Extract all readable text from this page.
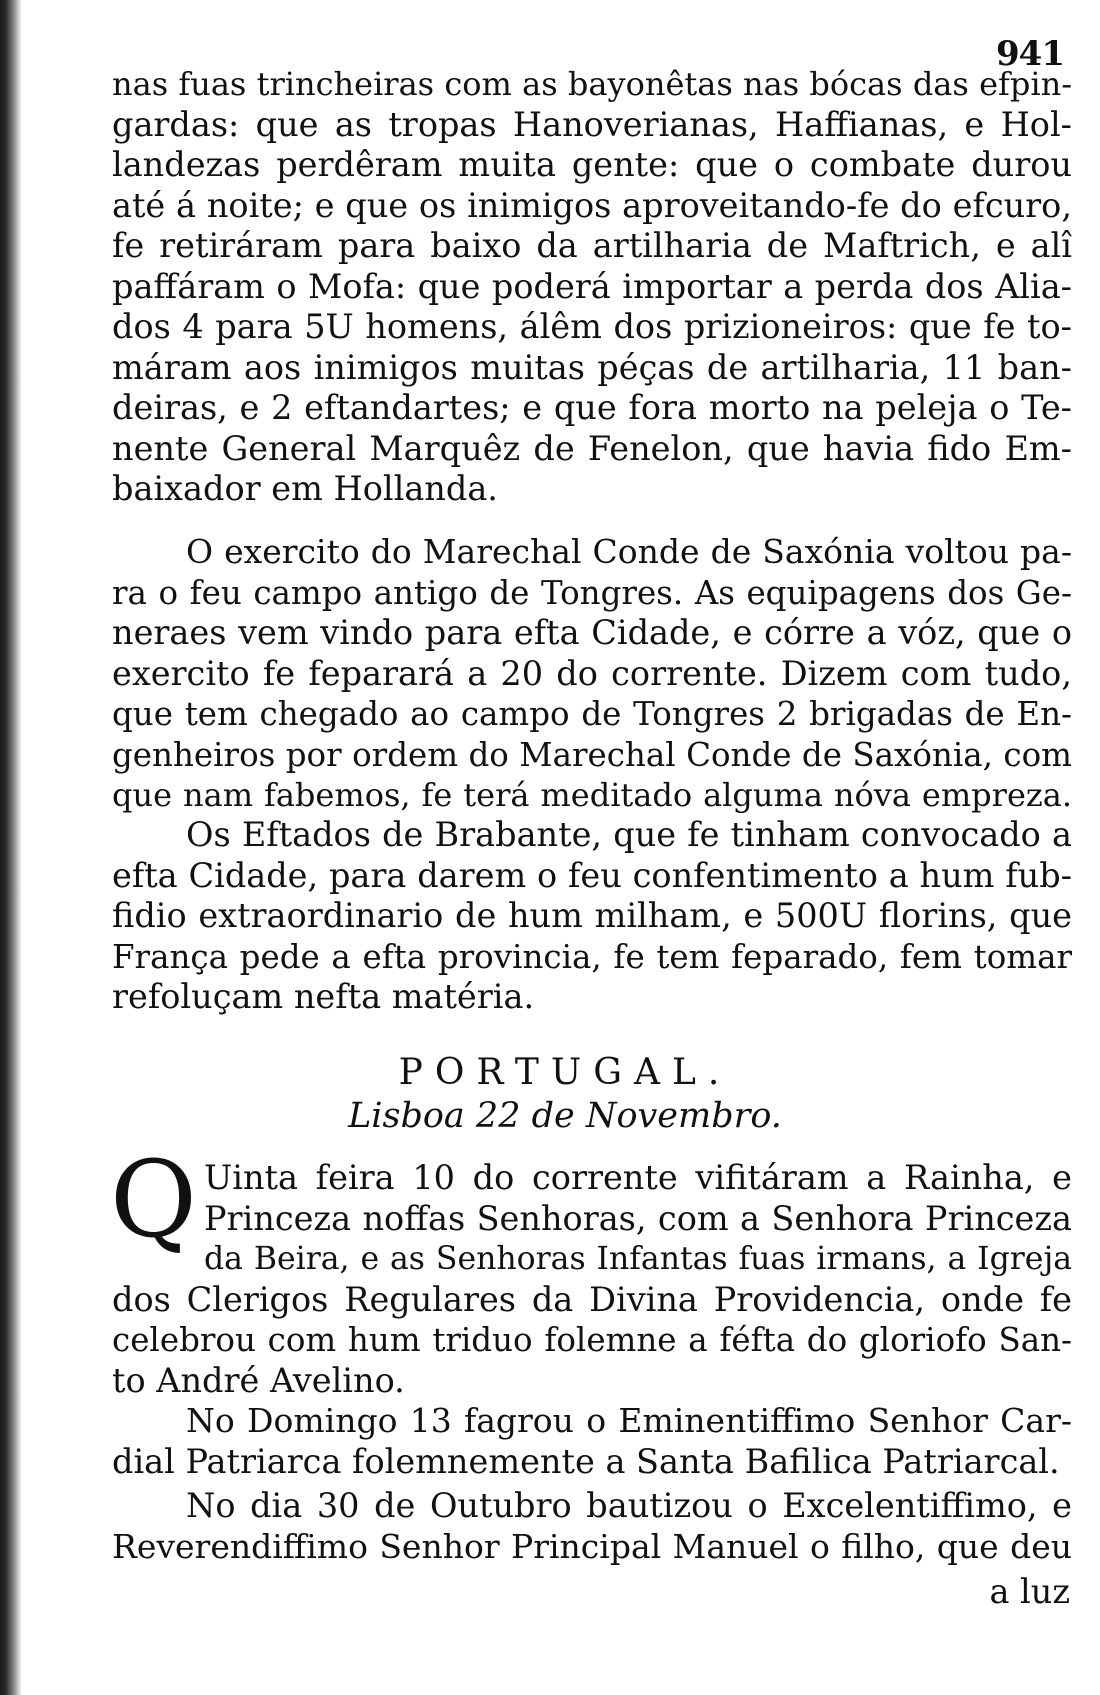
941
nas fuas trincheiras com as bayonêtas nas bócas das efpin-
gardas: que as tropas Hanoverianas, Haffianas, e Hol-
landezas perdêram muita gente: que o combate durou
até á noite; e que os inimigos aproveitando-fe do efcuro,
fe retiráram para baixo da artilharia de Maftrich, e alî
paffáram o Mofa: que poderá importar a perda dos Alia-
dos 4 para 5U homens, álêm dos prizioneiros: que fe to-
máram aos inimigos muitas péças de artilharia, 11 ban-
deiras, e 2 eftandartes; e que fora morto na peleja o Te-
nente General Marquêz de Fenelon, que havia fido Em-
baixador em Hollanda.
O exercito do Marechal Conde de Saxónia voltou pa-
ra o feu campo antigo de Tongres. As equipagens dos Ge-
neraes vem vindo para efta Cidade, e córre a vóz, que o
exercito fe feparará a 20 do corrente. Dizem com tudo,
que tem chegado ao campo de Tongres 2 brigadas de En-
genheiros por ordem do Marechal Conde de Saxónia, com
que nam fabemos, fe terá meditado alguma nóva empreza.
Os Eftados de Brabante, que fe tinham convocado a
efta Cidade, para darem o feu confentimento a hum fub-
fidio extraordinario de hum milham, e 500U florins, que
França pede a efta provincia, fe tem feparado, fem tomar
refoluçam nefta matéria.
PORTUGAL.
Lisboa 22 de Novembro.
Q Uinta feira 10 do corrente vifitáram a Rainha, e
Princeza noffas Senhoras, com a Senhora Princeza
da Beira, e as Senhoras Infantas fuas irmans, a Igreja
dos Clerigos Regulares da Divina Providencia, onde fe
celebrou com hum triduo folemne a féfta do gloriofo San-
to André Avelino.
No Domingo 13 fagrou o Eminentiffimo Senhor Car-
dial Patriarca folemnemente a Santa Bafilica Patriarcal.
No dia 30 de Outubro bautizou o Excelentiffimo, e
Reverendiffimo Senhor Principal Manuel o filho, que deu
a luz
